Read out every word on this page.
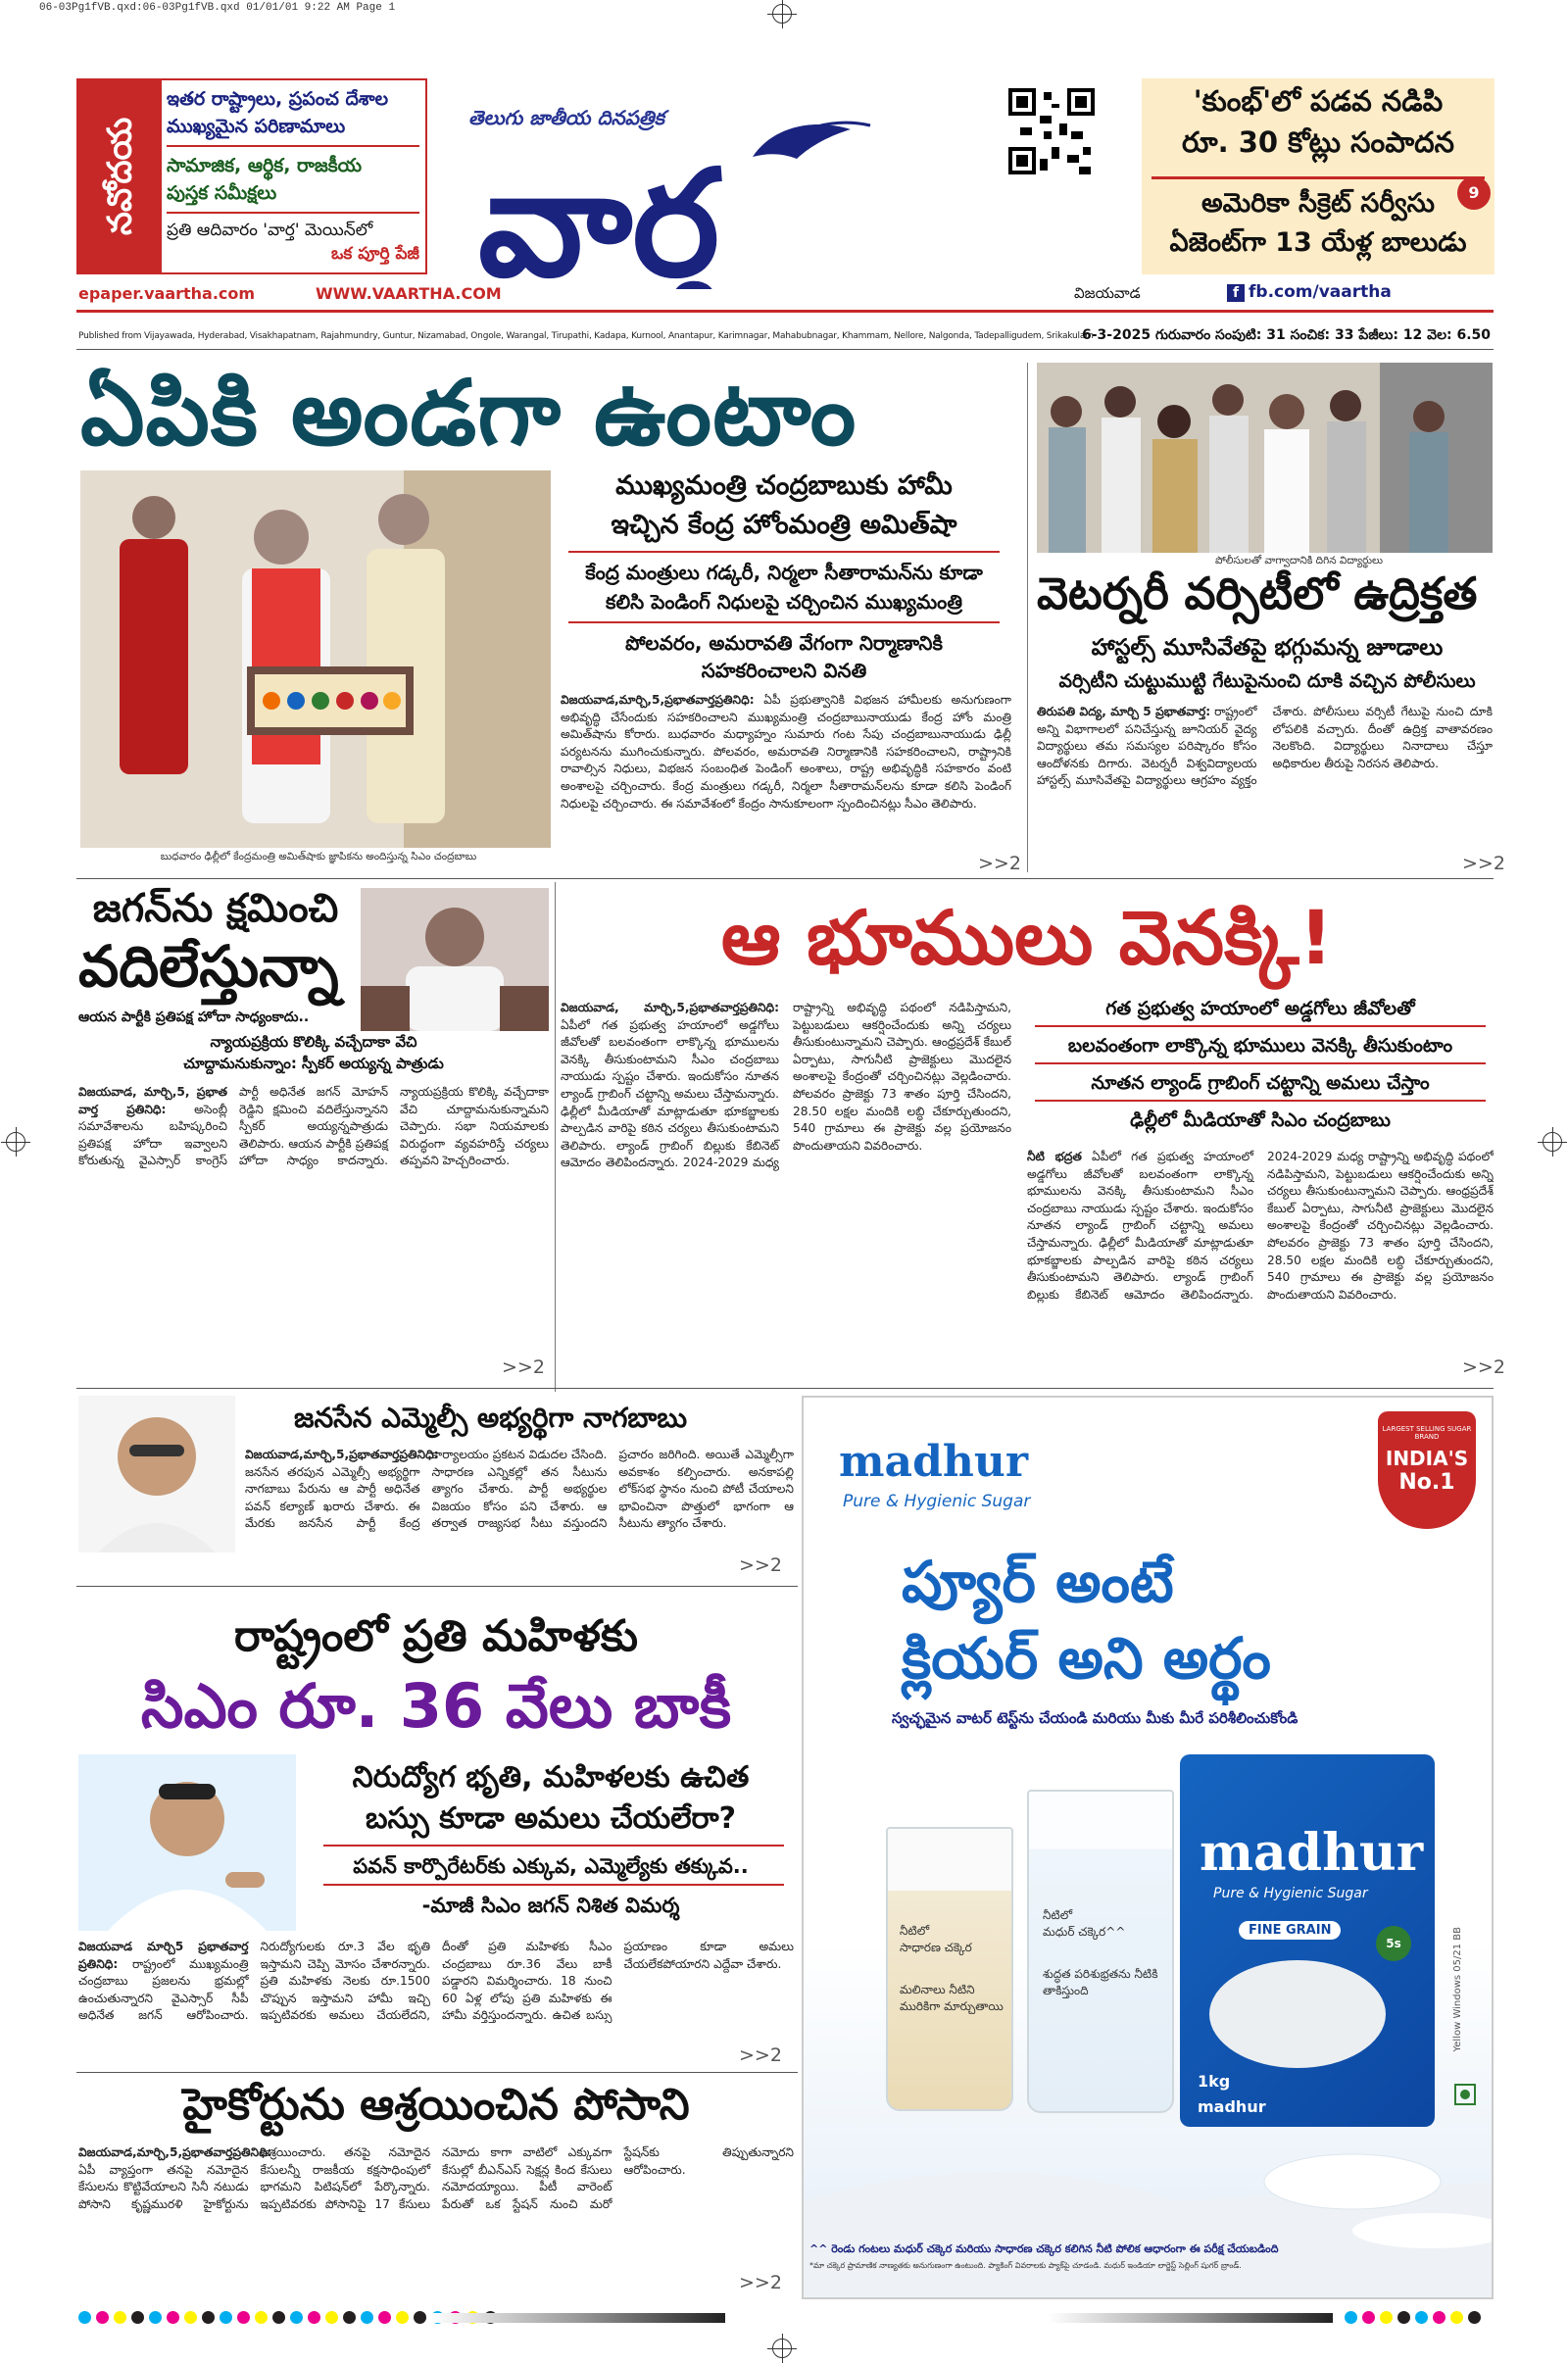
06-03Pg1fVB.qxd:06-03Pg1fVB.qxd 01/01/01 9:22 AM Page 1
నవోదయ
ఇతర రాష్ట్రాలు, ప్రపంచ దేశాల
ముఖ్యమైన పరిణామాలు
సామాజిక, ఆర్థిక, రాజకీయ
పుస్తక సమీక్షలు
ప్రతి ఆదివారం 'వార్త' మెయిన్‌లో
ఒక పూర్తి పేజీ
తెలుగు జాతీయ దినపత్రిక
వార్త
'కుంభ్'లో పడవ నడిపి
రూ. 30 కోట్లు సంపాదన
అమెరికా సీక్రెట్ సర్వీసు
ఏజెంట్‌గా 13 యేళ్ల బాలుడు
9
epaper.vaartha.com	WWW.VAARTHA.COM	విజయవాడ	f fb.com/vaartha
Published from Vijayawada, Hyderabad, Visakhapatnam, Rajahmundry, Guntur, Nizamabad, Ongole, Warangal, Tirupathi, Kadapa, Kurnool, Anantapur, Karimnagar, Mahabubnagar, Khammam, Nellore, Nalgonda, Tadepalligudem, Srikakulam
6-3-2025 గురువారం సంపుటి: 31 సంచిక: 33 పేజీలు: 12 వెల: 6.50
ఏపికి అండగా ఉంటాం
బుధవారం ఢిల్లీలో కేంద్రమంత్రి అమిత్‌షాకు జ్ఞాపికను అందిస్తున్న సిఎం చంద్రబాబు
ముఖ్యమంత్రి చంద్రబాబుకు హామీ
ఇచ్చిన కేంద్ర హోంమంత్రి అమిత్‌షా
కేంద్ర మంత్రులు గడ్కరీ, నిర్మలా సీతారామన్‌ను కూడా
కలిసి పెండింగ్ నిధులపై చర్చించిన ముఖ్యమంత్రి
పోలవరం, అమరావతి వేగంగా నిర్మాణానికి
సహకరించాలని వినతి
విజయవాడ,మార్చి,5,ప్రభాతవార్తప్రతినిధి: ఏపీ ప్రభుత్వానికి విభజన హామీలకు అనుగుణంగా అభివృద్ధి చేసేందుకు సహకరించాలని ముఖ్యమంత్రి చంద్రబాబునాయుడు కేంద్ర హోం మంత్రి అమిత్‌షాను కోరారు. బుధవారం మధ్యాహ్నం సుమారు గంట సేపు చంద్రబాబునాయుడు ఢిల్లీ పర్యటనను ముగించుకున్నారు. పోలవరం, అమరావతి నిర్మాణానికి సహకరించాలని, రాష్ట్రానికి రావాల్సిన నిధులు, విభజన సంబంధిత పెండింగ్ అంశాలు, రాష్ట్ర అభివృద్ధికి సహకారం వంటి అంశాలపై చర్చించారు. కేంద్ర మంత్రులు గడ్కరీ, నిర్మలా సీతారామన్‌లను కూడా కలిసి పెండింగ్ నిధులపై చర్చించారు. ఈ సమావేశంలో కేంద్రం సానుకూలంగా స్పందించినట్లు సీఎం తెలిపారు.
>>2
పోలీసులతో వాగ్వాదానికి దిగిన విద్యార్థులు
వెటర్నరీ వర్సిటీలో ఉద్రిక్తత
హాస్టల్స్ మూసివేతపై భగ్గుమన్న జూడాలు
వర్సిటీని చుట్టుముట్టి గేటుపైనుంచి దూకి వచ్చిన పోలీసులు
తిరుపతి విద్య, మార్చి 5 ప్రభాతవార్త: రాష్ట్రంలో అన్ని విభాగాలలో పనిచేస్తున్న జూనియర్ వైద్య విద్యార్థులు తమ సమస్యల పరిష్కారం కోసం ఆందోళనకు దిగారు. వెటర్నరీ విశ్వవిద్యాలయ హాస్టల్స్ మూసివేతపై విద్యార్థులు ఆగ్రహం వ్యక్తం చేశారు. పోలీసులు వర్సిటీ గేటుపై నుంచి దూకి లోపలికి వచ్చారు. దీంతో ఉద్రిక్త వాతావరణం నెలకొంది. విద్యార్థులు నినాదాలు చేస్తూ అధికారుల తీరుపై నిరసన తెలిపారు.
>>2
జగన్‌ను క్షమించి
వదిలేస్తున్నా
ఆయన పార్టీకి ప్రతిపక్ష హోదా సాధ్యంకాదు..
న్యాయప్రక్రియ కొలిక్కి వచ్చేదాకా వేచి
చూద్దామనుకున్నాం: స్పీకర్ అయ్యన్న పాత్రుడు
విజయవాడ, మార్చి,5, ప్రభాత వార్త ప్రతినిధి: అసెంబ్లీ సమావేశాలను బహిష్కరించి ప్రతిపక్ష హోదా ఇవ్వాలని కోరుతున్న వైఎస్సార్ కాంగ్రెస్ పార్టీ అధినేత జగన్ మోహన్ రెడ్డిని క్షమించి వదిలేస్తున్నానని స్పీకర్ అయ్యన్నపాత్రుడు తెలిపారు. ఆయన పార్టీకి ప్రతిపక్ష హోదా సాధ్యం కాదన్నారు. న్యాయప్రక్రియ కొలిక్కి వచ్చేదాకా వేచి చూద్దామనుకున్నామని చెప్పారు. సభా నియమాలకు విరుద్ధంగా వ్యవహరిస్తే చర్యలు తప్పవని హెచ్చరించారు.
>>2
ఆ భూములు వెనక్కి!
విజయవాడ, మార్చి,5,ప్రభాతవార్తప్రతినిధి: ఏపీలో గత ప్రభుత్వ హయాంలో అడ్డగోలు జీవోలతో బలవంతంగా లాక్కొన్న భూములను వెనక్కి తీసుకుంటామని సీఎం చంద్రబాబు నాయుడు స్పష్టం చేశారు. ఇందుకోసం నూతన ల్యాండ్ గ్రాబింగ్ చట్టాన్ని అమలు చేస్తామన్నారు. ఢిల్లీలో మీడియాతో మాట్లాడుతూ భూకబ్జాలకు పాల్పడిన వారిపై కఠిన చర్యలు తీసుకుంటామని తెలిపారు. ల్యాండ్ గ్రాబింగ్ బిల్లుకు కేబినెట్ ఆమోదం తెలిపిందన్నారు. 2024-2029 మధ్య రాష్ట్రాన్ని అభివృద్ధి పథంలో నడిపిస్తామని, పెట్టుబడులు ఆకర్షించేందుకు అన్ని చర్యలు తీసుకుంటున్నామని చెప్పారు. ఆంధ్రప్రదేశ్ కేబుల్ ఏర్పాటు, సాగునీటి ప్రాజెక్టులు మొదలైన అంశాలపై కేంద్రంతో చర్చించినట్లు వెల్లడించారు. పోలవరం ప్రాజెక్టు 73 శాతం పూర్తి చేసిందని, 28.50 లక్షల మందికి లబ్ధి చేకూర్చుతుందని, 540 గ్రామాలు ఈ ప్రాజెక్టు వల్ల ప్రయోజనం పొందుతాయని వివరించారు.
గత ప్రభుత్వ హయాంలో అడ్డగోలు జీవోలతో
బలవంతంగా లాక్కొన్న భూములు వెనక్కి తీసుకుంటాం
నూతన ల్యాండ్ గ్రాబింగ్ చట్టాన్ని అమలు చేస్తాం
ఢిల్లీలో మీడియాతో సిఎం చంద్రబాబు
నీటి భద్రత ఏపీలో గత ప్రభుత్వ హయాంలో అడ్డగోలు జీవోలతో బలవంతంగా లాక్కొన్న భూములను వెనక్కి తీసుకుంటామని సీఎం చంద్రబాబు నాయుడు స్పష్టం చేశారు. ఇందుకోసం నూతన ల్యాండ్ గ్రాబింగ్ చట్టాన్ని అమలు చేస్తామన్నారు. ఢిల్లీలో మీడియాతో మాట్లాడుతూ భూకబ్జాలకు పాల్పడిన వారిపై కఠిన చర్యలు తీసుకుంటామని తెలిపారు. ల్యాండ్ గ్రాబింగ్ బిల్లుకు కేబినెట్ ఆమోదం తెలిపిందన్నారు. 2024-2029 మధ్య రాష్ట్రాన్ని అభివృద్ధి పథంలో నడిపిస్తామని, పెట్టుబడులు ఆకర్షించేందుకు అన్ని చర్యలు తీసుకుంటున్నామని చెప్పారు. ఆంధ్రప్రదేశ్ కేబుల్ ఏర్పాటు, సాగునీటి ప్రాజెక్టులు మొదలైన అంశాలపై కేంద్రంతో చర్చించినట్లు వెల్లడించారు. పోలవరం ప్రాజెక్టు 73 శాతం పూర్తి చేసిందని, 28.50 లక్షల మందికి లబ్ధి చేకూర్చుతుందని, 540 గ్రామాలు ఈ ప్రాజెక్టు వల్ల ప్రయోజనం పొందుతాయని వివరించారు.
>>2
జనసేన ఎమ్మెల్సీ అభ్యర్థిగా నాగబాబు
విజయవాడ,మార్చి,5,ప్రభాతవార్తప్రతినిధి: జనసేన తరపున ఎమ్మెల్సీ అభ్యర్థిగా నాగబాబు పేరును ఆ పార్టీ అధినేత పవన్ కల్యాణ్ ఖరారు చేశారు. ఈ మేరకు జనసేన పార్టీ కేంద్ర కార్యాలయం ప్రకటన విడుదల చేసింది. సాధారణ ఎన్నికల్లో తన సీటును త్యాగం చేశారు. పార్టీ అభ్యర్థుల విజయం కోసం పని చేశారు. ఆ తర్వాత రాజ్యసభ సీటు వస్తుందని ప్రచారం జరిగింది. అయితే ఎమ్మెల్సీగా అవకాశం కల్పించారు. అనకాపల్లి లోక్‌సభ స్థానం నుంచి పోటీ చేయాలని భావించినా పొత్తులో భాగంగా ఆ సీటును త్యాగం చేశారు.
>>2
రాష్ట్రంలో ప్రతి మహిళకు
సిఎం రూ. 36 వేలు బాకీ
నిరుద్యోగ భృతి, మహిళలకు ఉచిత
బస్సు కూడా అమలు చేయలేరా?
పవన్ కార్పొరేటర్‌కు ఎక్కువ, ఎమ్మెల్యేకు తక్కువ..
-మాజీ సిఎం జగన్ నిశిత విమర్శ
విజయవాడ మార్చి5 ప్రభాతవార్త ప్రతినిధి: రాష్ట్రంలో ముఖ్యమంత్రి చంద్రబాబు ప్రజలను భ్రమల్లో ఉంచుతున్నారని వైఎస్సార్ సీపీ అధినేత జగన్ ఆరోపించారు. నిరుద్యోగులకు రూ.3 వేల భృతి ఇస్తామని చెప్పి మోసం చేశారన్నారు. ప్రతి మహిళకు నెలకు రూ.1500 చొప్పున ఇస్తామని హామీ ఇచ్చి ఇప్పటివరకు అమలు చేయలేదని, దీంతో ప్రతి మహిళకు సీఎం చంద్రబాబు రూ.36 వేలు బాకీ పడ్డారని విమర్శించారు. 18 నుంచి 60 ఏళ్ల లోపు ప్రతి మహిళకు ఈ హామీ వర్తిస్తుందన్నారు. ఉచిత బస్సు ప్రయాణం కూడా అమలు చేయలేకపోయారని ఎద్దేవా చేశారు.
>>2
హైకోర్టును ఆశ్రయించిన పోసాని
విజయవాడ,మార్చి,5,ప్రభాతవార్తప్రతినిధి: ఏపీ వ్యాప్తంగా తనపై నమోదైన కేసులను కొట్టివేయాలని సినీ నటుడు పోసాని కృష్ణమురళి హైకోర్టును ఆశ్రయించారు. తనపై నమోదైన కేసులన్నీ రాజకీయ కక్షసాధింపులో భాగమని పిటిషన్‌లో పేర్కొన్నారు. ఇప్పటివరకు పోసానిపై 17 కేసులు నమోదు కాగా వాటిలో ఎక్కువగా కేసుల్లో బీఎన్ఎస్ సెక్షన్ల కింద కేసులు నమోదయ్యాయి. పీటీ వారెంట్ పేరుతో ఒక స్టేషన్ నుంచి మరో స్టేషన్‌కు తిప్పుతున్నారని ఆరోపించారు.
>>2
madhur
Pure & Hygienic Sugar
LARGEST SELLING SUGAR BRAND
INDIA'S
No.1
ప్యూర్ అంటే
క్లియర్ అని అర్థం
స్వచ్ఛమైన వాటర్ టెస్ట్‌ను చేయండి మరియు మీకు మీరే పరిశీలించుకోండి
నీటిలో
సాధారణ చక్కెర
మలినాలు నీటిని
మురికిగా మార్చుతాయి
నీటిలో
మధుర్ చక్కెర^^
శుద్ధత పరిశుభ్రతను నీటికి
తాకిస్తుంది
madhur
Pure & Hygienic Sugar
FINE GRAIN
5s
1kg
madhur
Yellow Windows 05/21 BB
^^ రెండు గంటలు మధుర్ చక్కెర మరియు సాధారణ చక్కెర కలిగిన నీటి పోలిక ఆధారంగా ఈ పరీక్ష చేయబడింది
*మా చక్కెర ప్రామాణిక నాణ్యతకు అనుగుణంగా ఉంటుంది. ప్యాకింగ్ వివరాలకు ప్యాక్‌పై చూడండి. మధుర్ ఇండియా లార్జెస్ట్ సెల్లింగ్ షుగర్ బ్రాండ్.
